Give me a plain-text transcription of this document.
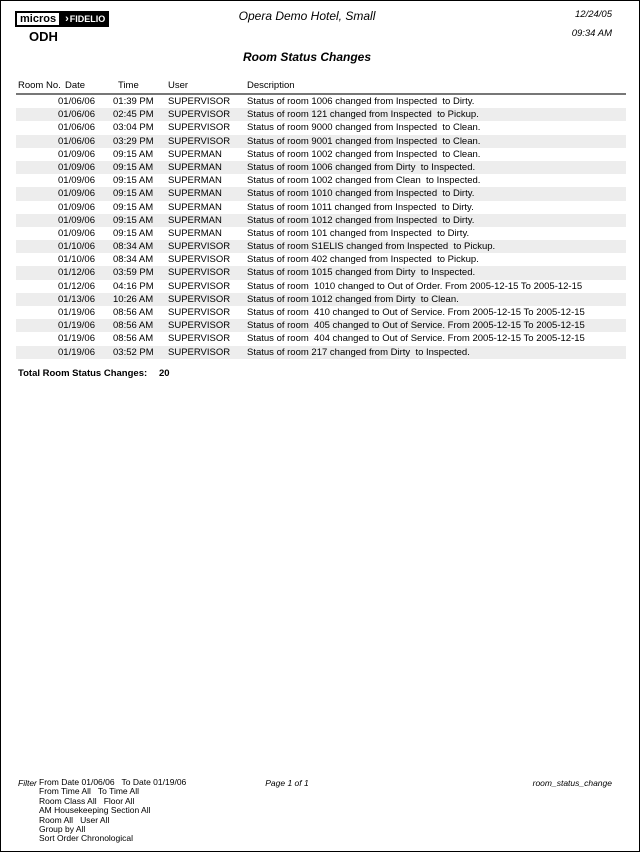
micros › FIDELIO
ODH
Opera Demo Hotel, Small
Room Status Changes
12/24/05
09:34 AM
Room No. Date	Time	User	Description
01/06/06	01:39 PM	SUPERVISOR	Status of room 1006 changed from Inspected  to Dirty.
01/06/06	02:45 PM	SUPERVISOR	Status of room 121 changed from Inspected  to Pickup.
01/06/06	03:04 PM	SUPERVISOR	Status of room 9000 changed from Inspected  to Clean.
01/06/06	03:29 PM	SUPERVISOR	Status of room 9001 changed from Inspected  to Clean.
01/09/06	09:15 AM	SUPERMAN	Status of room 1002 changed from Inspected  to Clean.
01/09/06	09:15 AM	SUPERMAN	Status of room 1006 changed from Dirty  to Inspected.
01/09/06	09:15 AM	SUPERMAN	Status of room 1002 changed from Clean  to Inspected.
01/09/06	09:15 AM	SUPERMAN	Status of room 1010 changed from Inspected  to Dirty.
01/09/06	09:15 AM	SUPERMAN	Status of room 1011 changed from Inspected  to Dirty.
01/09/06	09:15 AM	SUPERMAN	Status of room 1012 changed from Inspected  to Dirty.
01/09/06	09:15 AM	SUPERMAN	Status of room 101 changed from Inspected  to Dirty.
01/10/06	08:34 AM	SUPERVISOR	Status of room S1ELIS changed from Inspected  to Pickup.
01/10/06	08:34 AM	SUPERVISOR	Status of room 402 changed from Inspected  to Pickup.
01/12/06	03:59 PM	SUPERVISOR	Status of room 1015 changed from Dirty  to Inspected.
01/12/06	04:16 PM	SUPERVISOR	Status of room  1010 changed to Out of Order. From 2005-12-15 To 2005-12-15
01/13/06	10:26 AM	SUPERVISOR	Status of room 1012 changed from Dirty  to Clean.
01/19/06	08:56 AM	SUPERVISOR	Status of room  410 changed to Out of Service. From 2005-12-15 To 2005-12-15
01/19/06	08:56 AM	SUPERVISOR	Status of room  405 changed to Out of Service. From 2005-12-15 To 2005-12-15
01/19/06	08:56 AM	SUPERVISOR	Status of room  404 changed to Out of Service. From 2005-12-15 To 2005-12-15
01/19/06	03:52 PM	SUPERVISOR	Status of room 217 changed from Dirty  to Inspected.
Total Room Status Changes: 20
Filter From Date 01/06/06   To Date 01/19/06
From Time All   To Time All
Room Class All   Floor All
AM Housekeeping Section All
Room All   User All
Group by All
Sort Order Chronological
Page 1 of 1	room_status_change
